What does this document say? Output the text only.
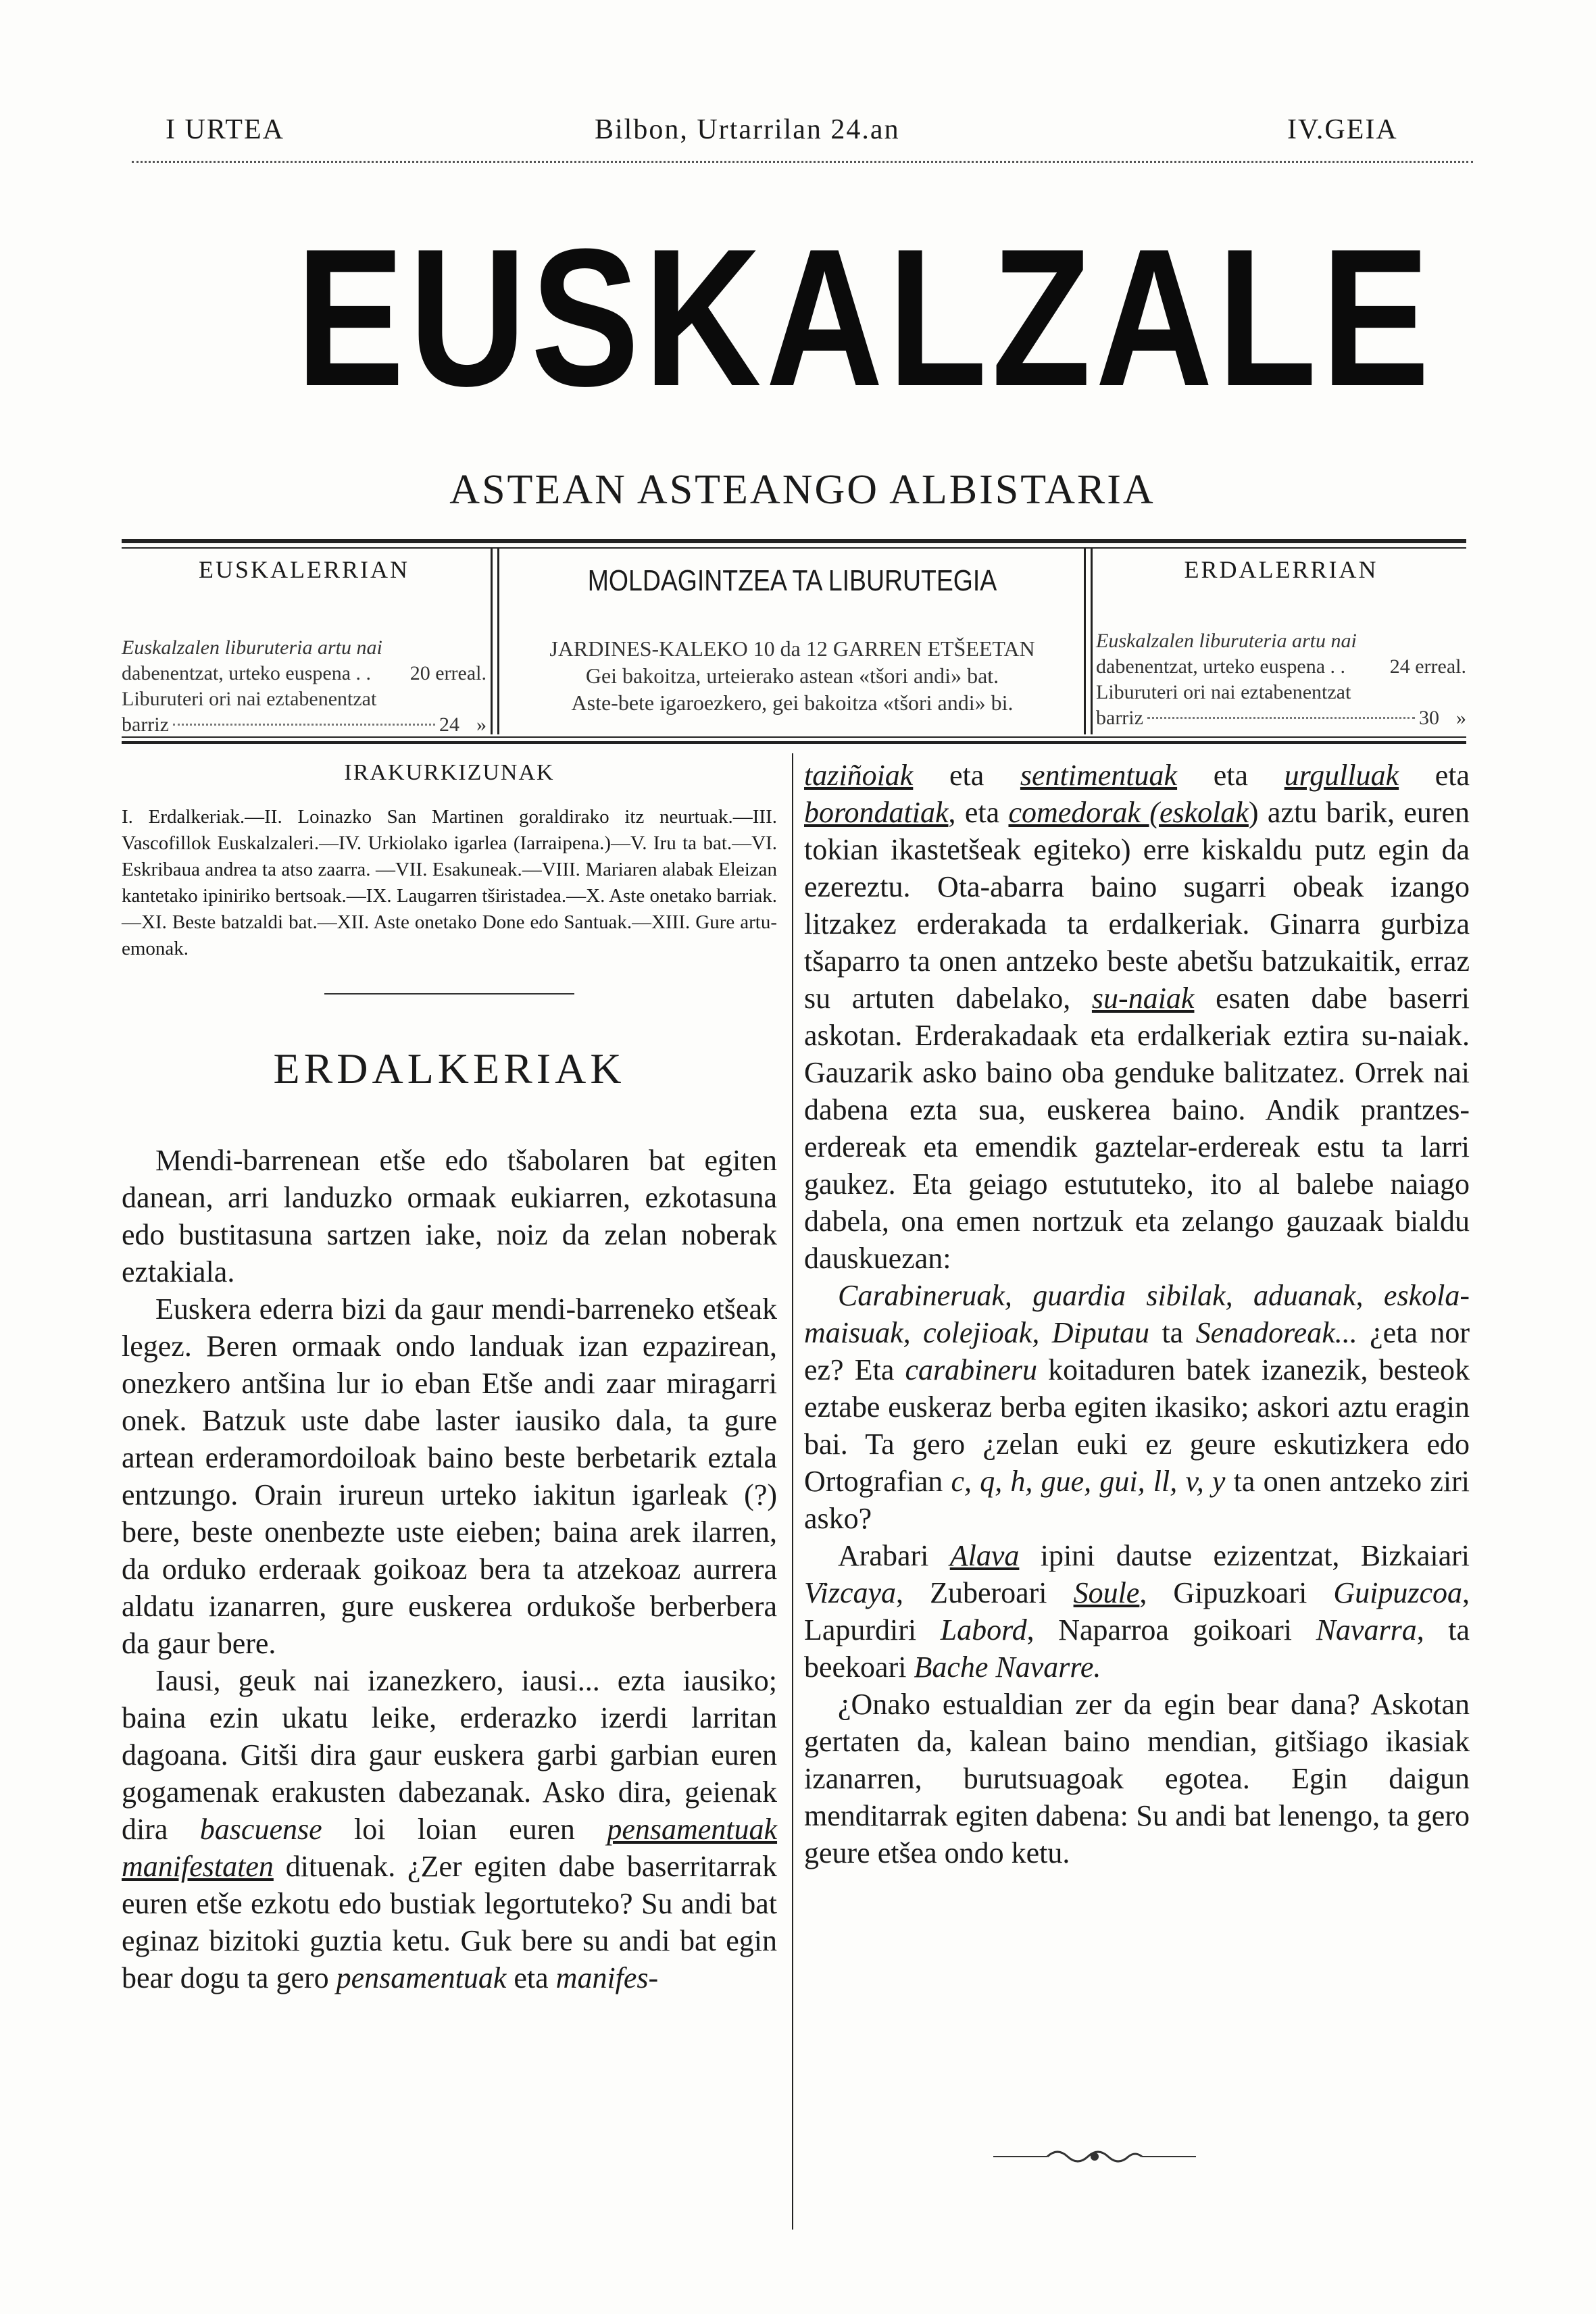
I URTEA	Bilbon, Urtarrilan 24.an	IV.GEIA
EUSKALZALE
ASTEAN ASTEANGO ALBISTARIA
EUSKALERRIAN
Euskalzalen liburuteria artu nai
dabenentzat, urteko euspena . . 20 erreal.
Liburuteri ori nai eztabenentzat
barriz	24 »
MOLDAGINTZEA TA LIBURUTEGIA
JARDINES-KALEKO 10 da 12 GARREN ETŠEETAN
Gei bakoitza, urteierako astean «tšori andi» bat.
Aste-bete igaroezkero, gei bakoitza «tšori andi» bi.
ERDALERRIAN
Euskalzalen liburuteria artu nai
dabenentzat, urteko euspena . . 24 erreal.
Liburuteri ori nai eztabenentzat
barriz	30 »
IRAKURKIZUNAK
I. Erdalkeriak.—II. Loinazko San Martinen goraldirako itz neurtuak.—III. Vascofillok Euskalzaleri.—IV. Urkiolako igarlea (Iarraipena.)—V. Iru ta bat.—VI. Eskribaua andrea ta atso zaarra. —VII. Esakuneak.—VIII. Mariaren alabak Eleizan kantetako ipiniriko bertsoak.—IX. Laugarren tširistadea.—X. Aste onetako barriak.—XI. Beste batzaldi bat.—XII. Aste onetako Done edo Santuak.—XIII. Gure artu-emonak.
ERDALKERIAK

Mendi-barrenean etše edo tšabolaren bat egiten danean, arri landuzko ormaak eukiarren, ezkotasuna edo bustitasuna sartzen iake, noiz da zelan noberak eztakiala.

Euskera ederra bizi da gaur mendi-barreneko etšeak legez. Beren ormaak ondo landuak izan ezpazirean, onezkero antšina lur io eban Etše andi zaar miragarri onek. Batzuk uste dabe laster iausiko dala, ta gure artean erderamordoiloak baino beste berbetarik eztala entzungo. Orain irureun urteko iakitun igarleak (?) bere, beste onenbezte uste eieben; baina arek ilarren, da orduko erderaak goikoaz bera ta atzekoaz aurrera aldatu izanarren, gure euskerea ordukoše berberbera da gaur bere.

Iausi, geuk nai izanezkero, iausi... ezta iausiko; baina ezin ukatu leike, erderazko izerdi larritan dagoana. Gitši dira gaur euskera garbi garbian euren gogamenak erakusten dabezanak. Asko dira, geienak dira bascuense loi loian euren pensamentuak manifestaten dituenak. ¿Zer egiten dabe baserritarrak euren etše ezkotu edo bustiak legortuteko? Su andi bat eginaz bizitoki guztia ketu. Guk bere su andi bat egin bear dogu ta gero pensamentuak eta manifes-

taziñoiak eta sentimentuak eta urgulluak eta borondatiak, eta comedorak (eskolak) aztu barik, euren tokian ikastetšeak egiteko) erre kiskaldu putz egin da ezereztu. Ota-abarra baino sugarri obeak izango litzakez erderakada ta erdalkeriak. Ginarra gurbiza tšaparro ta onen antzeko beste abetšu batzukaitik, erraz su artuten dabelako, su-naiak esaten dabe baserri askotan. Erderakadaak eta erdalkeriak eztira su-naiak. Gauzarik asko baino oba genduke balitzatez. Orrek nai dabena ezta sua, euskerea baino. Andik prantzes-erdereak eta emendik gaztelar-erdereak estu ta larri gaukez. Eta geiago estututeko, ito al balebe naiago dabela, ona emen nortzuk eta zelango gauzaak bialdu dauskuezan:

Carabineruak, guardia sibilak, aduanak, eskola-maisuak, colejioak, Diputau ta Senadoreak... ¿eta nor ez? Eta carabineru koitaduren batek izanezik, besteok eztabe euskeraz berba egiten ikasiko; askori aztu eragin bai. Ta gero ¿zelan euki ez geure eskutizkera edo Ortografian c, q, h, gue, gui, ll, v, y ta onen antzeko ziri asko?

Arabari Alava ipini dautse ezizentzat, Bizkaiari Vizcaya, Zuberoari Soule, Gipuzkoari Guipuzcoa, Lapurdiri Labord, Naparroa goikoari Navarra, ta beekoari Bache Navarre.

¿Onako estualdian zer da egin bear dana? Askotan gertaten da, kalean baino mendian, gitšiago ikasiak izanarren, burutsuagoak egotea. Egin daigun menditarrak egiten dabena: Su andi bat lenengo, ta gero geure etšea ondo ketu.
